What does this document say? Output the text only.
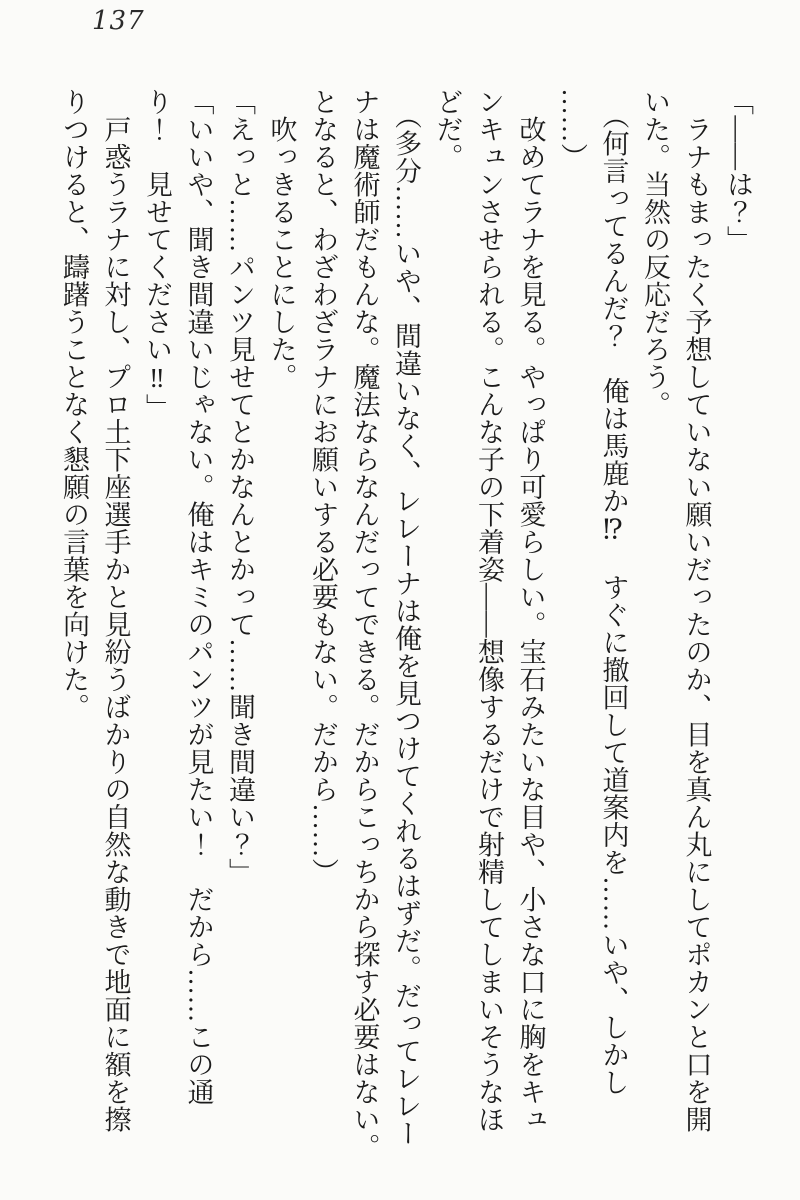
137

「――は？」

　ラナもまったく予想していない願いだったのか、目を真ん丸にしてポカンと口を開

いた。当然の反応だろう。

　（何言ってるんだ？　俺は馬鹿か⁉　すぐに撤回して道案内を……いや、しかし

……）

　改めてラナを見る。やっぱり可愛らしい。宝石みたいな目や、小さな口に胸をキュ

ンキュンさせられる。こんな子の下着姿――想像するだけで射精してしまいそうなほ

どだ。

　（多分……いや、間違いなく、レレーナは俺を見つけてくれるはずだ。だってレレー

ナは魔術師だもんな。魔法ならなんだってできる。だからこっちから探す必要はない。

となると、わざわざラナにお願いする必要もない。だから……）

　吹っきることにした。

「えっと……パンツ見せてとかなんとかって……聞き間違い？」

「いいや、聞き間違いじゃない。俺はキミのパンツが見たい！　だから……この通

り！　見せてください‼」

　戸惑うラナに対し、プロ土下座選手かと見紛うばかりの自然な動きで地面に額を擦

りつけると、躊躇うことなく懇願の言葉を向けた。
